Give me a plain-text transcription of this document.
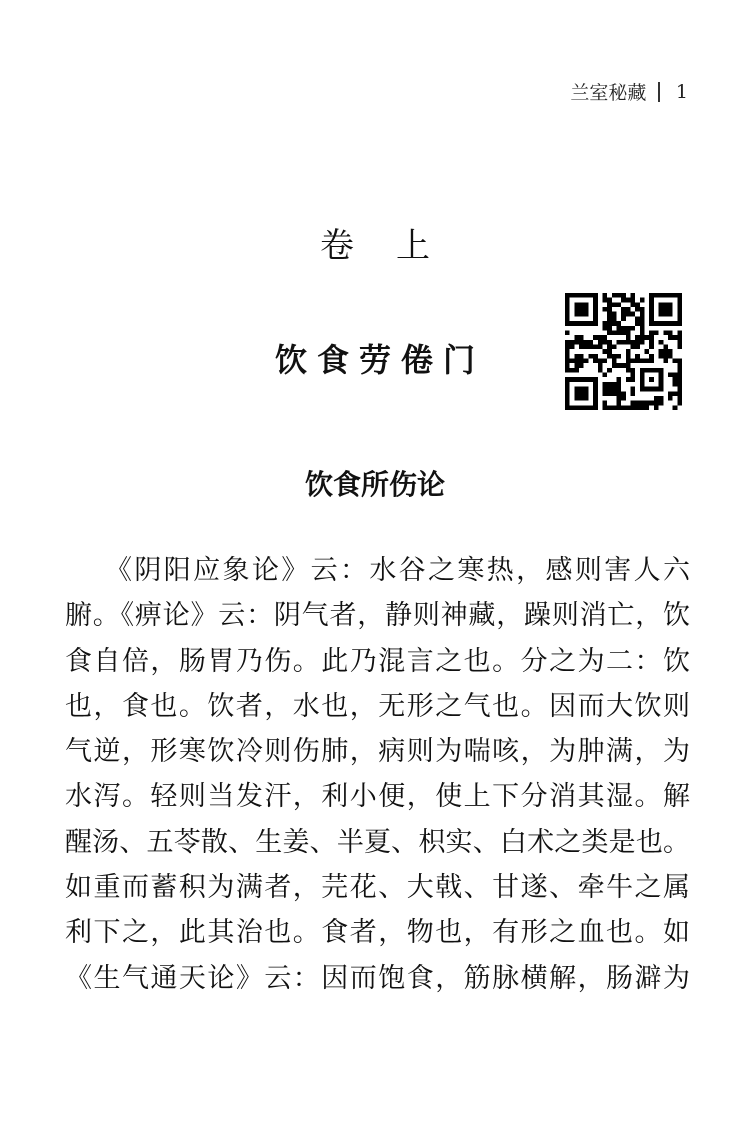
兰室秘藏 1
卷上
饮食劳倦门
饮食所伤论
《阴阳应象论》云：水谷之寒热，感则害人六
腑。《痹论》云：阴气者，静则神藏，躁则消亡，饮
食自倍，肠胃乃伤。此乃混言之也。分之为二：饮
也，食也。饮者，水也，无形之气也。因而大饮则
气逆，形寒饮冷则伤肺，病则为喘咳，为肿满，为
水泻。轻则当发汗，利小便，使上下分消其湿。解
醒汤、五苓散、生姜、半夏、枳实、白术之类是也。
如重而蓄积为满者，芫花、大戟、甘遂、牵牛之属
利下之，此其治也。食者，物也，有形之血也。如
《生气通天论》云：因而饱食，筋脉横解，肠澼为
